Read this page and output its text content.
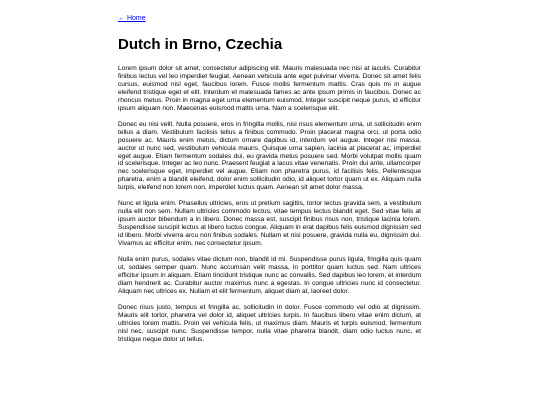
← Home
Dutch in Brno, Czechia

Lorem ipsum dolor sit amet, consectetur adipiscing elit. Mauris malesuada nec nisi at iaculis. Curabitur finibus lectus vel leo imperdiet feugiat. Aenean vehicula ante eget pulvinar viverra. Donec sit amet felis cursus, euismod nisl eget, faucibus lorem. Fusce mollis fermentum mattis. Cras quis mi in augue eleifend tristique eget et elit. Interdum et malesuada fames ac ante ipsum primis in faucibus. Donec ac rhoncus metus. Proin in magna eget urna elementum euismod. Integer suscipit neque purus, id efficitur ipsum aliquam non. Maecenas euismod mattis urna. Nam a scelerisque elit.

Donec eu nisi velit. Nulla posuere, eros in fringilla mollis, nisi risus elementum urna, ut sollicitudin enim tellus a diam. Vestibulum facilisis tellus a finibus commodo. Proin placerat magna orci, ut porta odio posuere ac. Mauris enim metus, dictum ornare dapibus id, interdum vel augue. Integer nisi massa, auctor ut nunc sed, vestibulum vehicula mauris. Quisque urna sapien, lacinia at placerat ac, imperdiet eget augue. Etiam fermentum sodales dui, eu gravida metus posuere sed. Morbi volutpat mollis quam id scelerisque. Integer ac leo nunc. Praesent feugiat a lacus vitae venenatis. Proin dui ante, ullamcorper nec scelerisque eget, imperdiet vel augue. Etiam non pharetra purus, id facilisis felis. Pellentesque pharetra, enim a blandit eleifend, dolor enim sollicitudin odio, id aliquet tortor quam ut ex. Aliquam nulla turpis, eleifend non lorem non, imperdiet luctus quam. Aenean sit amet dolor massa.

Nunc et ligula enim. Phasellus ultricies, eros ut pretium sagittis, tortor lectus gravida sem, a vestibulum nulla elit non sem. Nullam ultricies commodo lectus, vitae tempus lectus blandit eget. Sed vitae felis at ipsum auctor bibendum a in libero. Donec massa est, suscipit finibus risus non, tristique lacinia lorem. Suspendisse suscipit lectus at libero luctus congue. Aliquam in erat dapibus felis euismod dignissim sed id libero. Morbi viverra arcu non finibus sodales. Nullam et nisi posuere, gravida nulla eu, dignissim dui. Vivamus ac efficitur enim, nec consectetur ipsum.

Nulla enim purus, sodales vitae dictum non, blandit id mi. Suspendisse purus ligula, fringilla quis quam ut, sodales semper quam. Nunc accumsan velit massa, in porttitor quam luctus sed. Nam ultrices efficitur ipsum in aliquam. Etiam tincidunt tristique nunc ac convallis. Sed dapibus leo lorem, et interdum diam hendrerit ac. Curabitur auctor maximus nunc a egestas. In congue ultricies nunc id consectetur. Aliquam nec ultrices ex. Nullam et elit fermentum, aliquet diam at, laoreet dolor.

Donec risus justo, tempus et fringilla ac, sollicitudin in dolor. Fusce commodo vel odio at dignissim. Mauris elit tortor, pharetra vel dolor id, aliquet ultricies turpis. In faucibus libero vitae enim dictum, at ultricies lorem mattis. Proin vel vehicula felis, ut maximus diam. Mauris et turpis euismod, fermentum nisl nec, suscipit nunc. Suspendisse tempor, nulla vitae pharetra blandit, diam odio luctus nunc, et tristique neque dolor ut tellus.
